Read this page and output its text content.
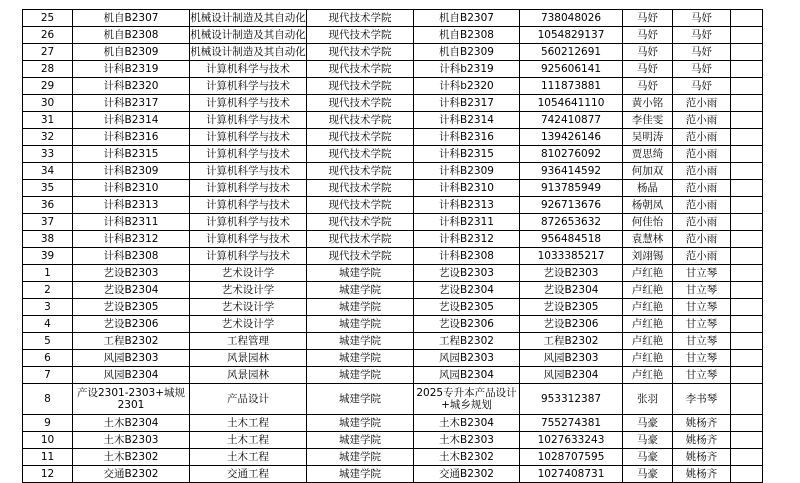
25	机自B2307	机械设计制造及其自动化	现代技术学院	机自B2307	738048026	马妤	马妤	
26	机自B2308	机械设计制造及其自动化	现代技术学院	机自B2308	1054829137	马妤	马妤	
27	机自B2309	机械设计制造及其自动化	现代技术学院	机自B2309	560212691	马妤	马妤	
28	计科B2319	计算机科学与技术	现代技术学院	计科b2319	925606141	马妤	马妤	
29	计科B2320	计算机科学与技术	现代技术学院	计科b2320	111873881	马妤	马妤	
30	计科B2317	计算机科学与技术	现代技术学院	计科B2317	1054641110	黄小铭	范小雨	
31	计科B2314	计算机科学与技术	现代技术学院	计科B2314	742410877	李佳雯	范小雨	
32	计科B2316	计算机科学与技术	现代技术学院	计科B2316	139426146	吴明涛	范小雨	
33	计科B2315	计算机科学与技术	现代技术学院	计科B2315	810276092	贾思绮	范小雨	
34	计科B2309	计算机科学与技术	现代技术学院	计科B2309	936414592	何加双	范小雨	
35	计科B2310	计算机科学与技术	现代技术学院	计科B2310	913785949	杨晶	范小雨	
36	计科B2313	计算机科学与技术	现代技术学院	计科B2313	926713676	杨朝凤	范小雨	
37	计科B2311	计算机科学与技术	现代技术学院	计科B2311	872653632	何佳怡	范小雨	
38	计科B2312	计算机科学与技术	现代技术学院	计科B2312	956484518	袁慧林	范小雨	
39	计科B2308	计算机科学与技术	现代技术学院	计科B2308	1033385217	刘翊锡	范小雨	
1	艺设B2303	艺术设计学	城建学院	艺设B2303	艺设B2303	卢红艳	甘立琴	
2	艺设B2304	艺术设计学	城建学院	艺设B2304	艺设B2304	卢红艳	甘立琴	
3	艺设B2305	艺术设计学	城建学院	艺设B2305	艺设B2305	卢红艳	甘立琴	
4	艺设B2306	艺术设计学	城建学院	艺设B2306	艺设B2306	卢红艳	甘立琴	
5	工程B2302	工程管理	城建学院	工程B2302	工程B2302	卢红艳	甘立琴	
6	风园B2303	风景园林	城建学院	风园B2303	风园B2303	卢红艳	甘立琴	
7	风园B2304	风景园林	城建学院	风园B2304	风园B2304	卢红艳	甘立琴	
8	产设2301-2303+城规2301	产品设计	城建学院	2025专升本产品设计+城乡规划	953312387	张羽	李书琴	
9	土木B2304	土木工程	城建学院	土木B2304	755274381	马豪	姚杨齐	
10	土木B2303	土木工程	城建学院	土木B2303	1027633243	马豪	姚杨齐	
11	土木B2302	土木工程	城建学院	土木B2302	1028707595	马豪	姚杨齐	
12	交通B2302	交通工程	城建学院	交通B2302	1027408731	马豪	姚杨齐	
